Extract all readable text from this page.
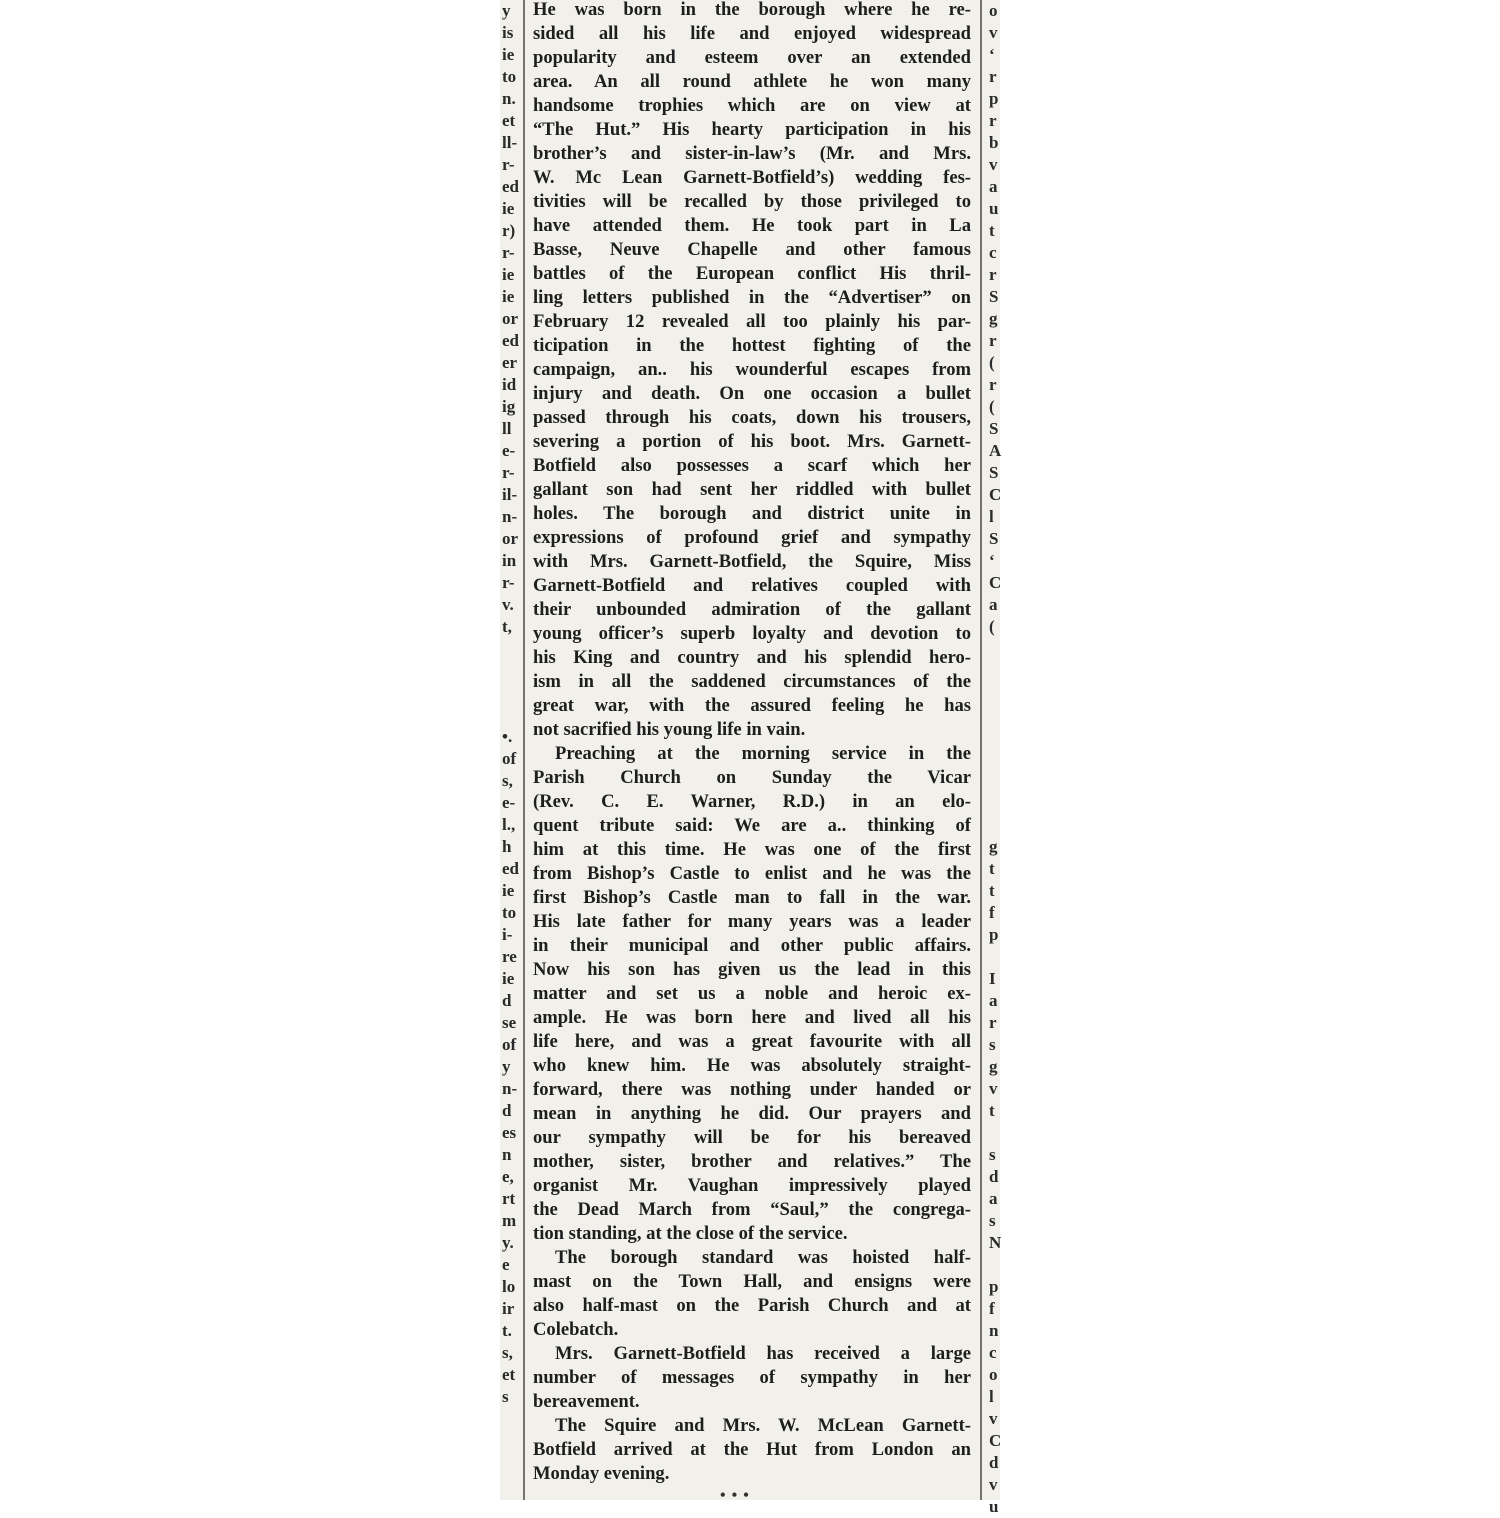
y
is
ie
to
n.
et
ll-
r-
ed
ie
r)
r-
ie
ie
or
ed
er
id
ig
ll
e-
r-
il-
n-
or
in
r-
v.
t,
•.
of
s,
e-
l.,
h
ed
ie
to
i-
re
ie
d
se
of
y
n-
d
es
n
e,
rt
m
y.
e
lo
ir
t.
s,
et
s

He was born in the borough where he re-
sided all his life and enjoyed widespread
popularity and esteem over an extended
area. An all round athlete he won many
handsome trophies which are on view at
“The Hut.” His hearty participation in his
brother’s and sister-in-law’s (Mr. and Mrs.
W. Mc Lean Garnett-Botfield’s) wedding fes-
tivities will be recalled by those privileged to
have attended them. He took part in La
Basse, Neuve Chapelle and other famous
battles of the European conflict His thril-
ling letters published in the “Advertiser” on
February 12 revealed all too plainly his par-
ticipation in the hottest fighting of the
campaign, an.. his wounderful escapes from
injury and death. On one occasion a bullet
passed through his coats, down his trousers,
severing a portion of his boot. Mrs. Garnett-
Botfield also possesses a scarf which her
gallant son had sent her riddled with bullet
holes. The borough and district unite in
expressions of profound grief and sympathy
with Mrs. Garnett-Botfield, the Squire, Miss
Garnett-Botfield and relatives coupled with
their unbounded admiration of the gallant
young officer’s superb loyalty and devotion to
his King and country and his splendid hero-
ism in all the saddened circumstances of the
great war, with the assured feeling he has
not sacrified his young life in vain.

Preaching at the morning service in the
Parish Church on Sunday the Vicar
(Rev. C. E. Warner, R.D.) in an elo-
quent tribute said: We are a.. thinking of
him at this time. He was one of the first
from Bishop’s Castle to enlist and he was the
first Bishop’s Castle man to fall in the war.
His late father for many years was a leader
in their municipal and other public affairs.
Now his son has given us the lead in this
matter and set us a noble and heroic ex-
ample. He was born here and lived all his
life here, and was a great favourite with all
who knew him. He was absolutely straight-
forward, there was nothing under handed or
mean in anything he did. Our prayers and
our sympathy will be for his bereaved
mother, sister, brother and relatives.” The
organist Mr. Vaughan impressively played
the Dead March from “Saul,” the congrega-
tion standing, at the close of the service.

The borough standard was hoisted half-
mast on the Town Hall, and ensigns were
also half-mast on the Parish Church and at
Colebatch.

Mrs. Garnett-Botfield has received a large
number of messages of sympathy in her
bereavement.

The Squire and Mrs. W. McLean Garnett-
Botfield arrived at the Hut from London an
Monday evening.

o
v
‘
r
p
r
b
v
a
u
t
c
r
S
g
r
(
r
(
S
A
S
C
l
S
‘
C
a
(
g
t
t
f
p
I
a
r
s
g
v
t
s
d
a
s
N
p
f
n
c
o
l
v
C
d
v
u
•••
